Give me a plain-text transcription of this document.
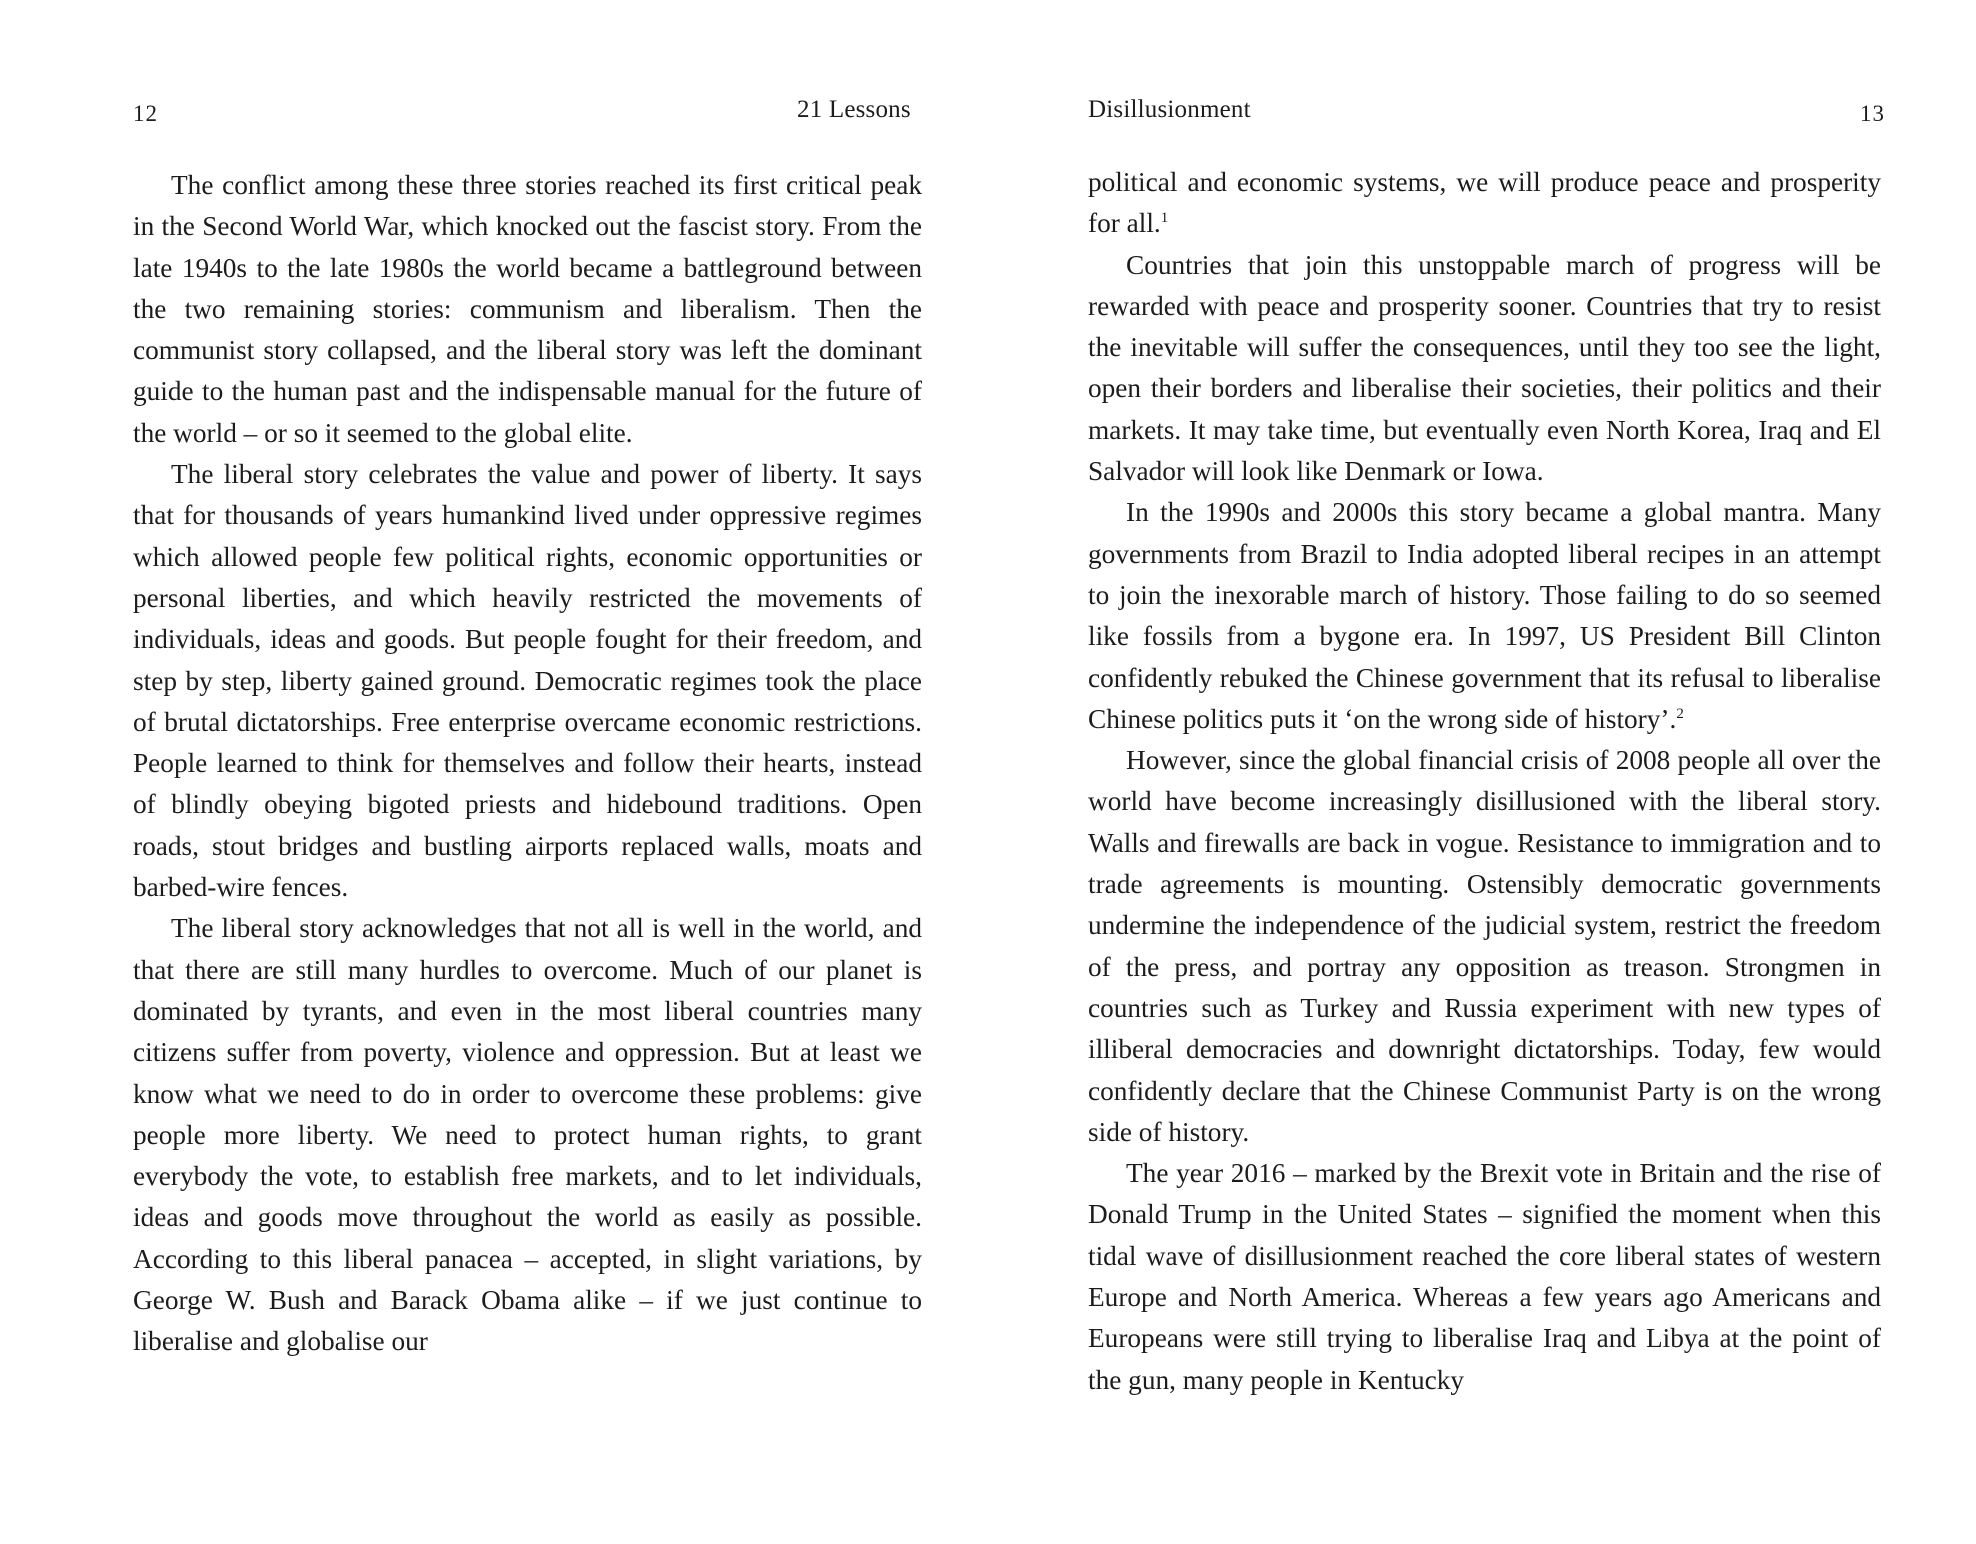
12	21 Lessons

The conflict among these three stories reached its first critical peak in the Second World War, which knocked out the fascist story. From the late 1940s to the late 1980s the world became a battleground between the two remaining stories: communism and liberalism. Then the communist story collapsed, and the liberal story was left the dominant guide to the human past and the indispensable manual for the future of the world – or so it seemed to the global elite.

The liberal story celebrates the value and power of liberty. It says that for thousands of years humankind lived under oppressive regimes which allowed people few political rights, economic opportunities or personal liberties, and which heavily restricted the movements of individuals, ideas and goods. But people fought for their freedom, and step by step, liberty gained ground. Democratic regimes took the place of brutal dictatorships. Free enterprise overcame economic restrictions. People learned to think for themselves and follow their hearts, instead of blindly obeying bigoted priests and hidebound traditions. Open roads, stout bridges and bustling airports replaced walls, moats and barbed-wire fences.

The liberal story acknowledges that not all is well in the world, and that there are still many hurdles to overcome. Much of our planet is dominated by tyrants, and even in the most liberal countries many citizens suffer from poverty, violence and oppression. But at least we know what we need to do in order to overcome these problems: give people more liberty. We need to protect human rights, to grant everybody the vote, to establish free markets, and to let individuals, ideas and goods move throughout the world as easily as possible. According to this liberal panacea – accepted, in slight variations, by George W. Bush and Barack Obama alike – if we just continue to liberalise and globalise our

Disillusionment	13

political and economic systems, we will produce peace and prosperity for all.$^1$

Countries that join this unstoppable march of progress will be rewarded with peace and prosperity sooner. Countries that try to resist the inevitable will suffer the consequences, until they too see the light, open their borders and liberalise their societies, their politics and their markets. It may take time, but eventually even North Korea, Iraq and El Salvador will look like Denmark or Iowa.

In the 1990s and 2000s this story became a global mantra. Many governments from Brazil to India adopted liberal recipes in an attempt to join the inexorable march of history. Those failing to do so seemed like fossils from a bygone era. In 1997, US President Bill Clinton confidently rebuked the Chinese government that its refusal to liberalise Chinese politics puts it ‘on the wrong side of history’.$^2$

However, since the global financial crisis of 2008 people all over the world have become increasingly disillusioned with the liberal story. Walls and firewalls are back in vogue. Resistance to immigration and to trade agreements is mounting. Ostensibly democratic governments undermine the independence of the judicial system, restrict the freedom of the press, and portray any opposition as treason. Strongmen in countries such as Turkey and Russia experiment with new types of illiberal democracies and downright dictatorships. Today, few would confidently declare that the Chinese Communist Party is on the wrong side of history.

The year 2016 – marked by the Brexit vote in Britain and the rise of Donald Trump in the United States – signified the moment when this tidal wave of disillusionment reached the core liberal states of western Europe and North America. Whereas a few years ago Americans and Europeans were still trying to liberalise Iraq and Libya at the point of the gun, many people in Kentucky
